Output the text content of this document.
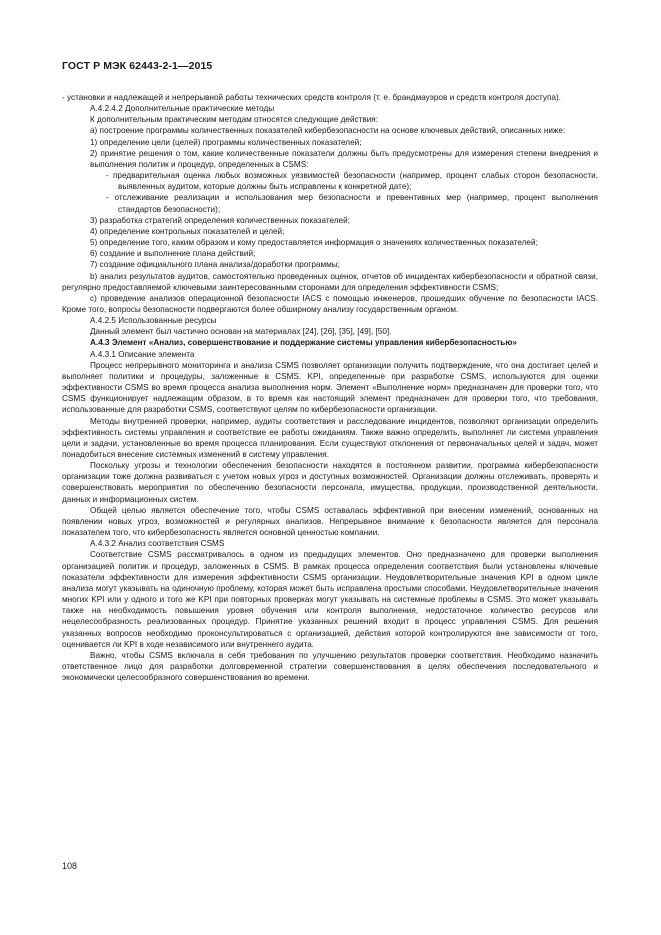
ГОСТ Р МЭК 62443-2-1—2015

- установки и надлежащей и непрерывной работы технических средств контроля (т. е. брандмауэров и средств контроля доступа).

А.4.2.4.2 Дополнительные практические методы

К дополнительным практическим методам относятся следующие действия:

а) построение программы количественных показателей кибербезопасности на основе ключевых действий, описанных ниже:

1) определение цели (целей) программы количественных показателей;

2) принятие решения о том, какие количественные показатели должны быть предусмотрены для измерения степени внедрения и выполнения политик и процедур, определенных в CSMS:

- предварительная оценка любых возможных уязвимостей безопасности (например, процент слабых сторон безопасности, выявленных аудитом, которые должны быть исправлены к конкретной дате);

- отслеживание реализации и использования мер безопасности и превентивных мер (например, процент выполнения стандартов безопасности);

3) разработка стратегий определения количественных показателей;

4) определение контрольных показателей и целей;

5) определение того, каким образом и кому предоставляется информация о значениях количественных показателей;

6) создание и выполнение плана действий;

7) создание официального плана анализа/доработки программы;

b) анализ результатов аудитов, самостоятельно проведенных оценок, отчетов об инцидентах кибербезопасности и обратной связи, регулярно предоставляемой ключевыми заинтересованными сторонами для определения эффективности CSMS;

с) проведение анализов операционной безопасности IACS с помощью инженеров, прошедших обучение по безопасности IACS. Кроме того, вопросы безопасности подвергаются более обширному анализу государственным органом.

А.4.2.5 Использованные ресурсы

Данный элемент был частично основан на материалах [24], [26], [35], [49], [50].

А.4.3 Элемент «Анализ, совершенствование и поддержание системы управления кибербезопасностью»

А.4.3.1 Описание элемента

Процесс непрерывного мониторинга и анализа CSMS позволяет организации получить подтверждение, что она достигает целей и выполняет политики и процедуры, заложенные в CSMS. KPI, определенные при разработке CSMS, используются для оценки эффективности CSMS во время процесса анализа выполнения норм. Элемент «Выполнение норм» предназначен для проверки того, что CSMS функционирует надлежащим образом, в то время как настоящий элемент предназначен для проверки того, что требования, использованные для разработки CSMS, соответствуют целям по кибербезопасности организации.

Методы внутренней проверки, например, аудиты соответствия и расследование инцидентов, позволяют организации определить эффективность системы управления и соответствие ее работы ожиданиям. Также важно определить, выполняет ли система управления цели и задачи, установленные во время процесса планирования. Если существуют отклонения от первоначальных целей и задач, может понадобиться внесение системных изменений в систему управления.

Поскольку угрозы и технологии обеспечения безопасности находятся в постоянном развитии, программа кибербезопасности организации тоже должна развиваться с учетом новых угроз и доступных возможностей. Организации должны отслеживать, проверять и совершенствовать мероприятия по обеспечению безопасности персонала, имущества, продукции, производственной деятельности, данных и информационных систем.

Общей целью является обеспечение того, чтобы CSMS оставалась эффективной при внесении изменений, основанных на появлении новых угроз, возможностей и регулярных анализов. Непрерывное внимание к безопасности является для персонала показателем того, что кибербезопасность является основной ценностью компании.

А.4.3.2 Анализ соответствия CSMS

Соответствие CSMS рассматривалось в одном из предыдущих элементов. Оно предназначено для проверки выполнения организацией политик и процедур, заложенных в CSMS. В рамках процесса определения соответствия были установлены ключевые показатели эффективности для измерения эффективности CSMS организации. Неудовлетворительные значения KPI в одном цикле анализа могут указывать на одиночную проблему, которая может быть исправлена простыми способами. Неудовлетворительные значения многих KPI или у одного и того же KPI при повторных проверках могут указывать на системные проблемы в CSMS. Это может указывать также на необходимость повышения уровня обучения или контроля выполнения, недостаточное количество ресурсов или нецелесообразность реализованных процедур. Принятие указанных решений входит в процесс управления CSMS. Для решения указанных вопросов необходимо проконсультироваться с организацией, действия которой контролируются вне зависимости от того, оценивается ли KPI в ходе независимого или внутреннего аудита.

Важно, чтобы CSMS включала в себя требования по улучшению результатов проверки соответствия. Необходимо назначить ответственное лицо для разработки долговременной стратегии совершенствования в целях обеспечения последовательного и экономически целесообразного совершенствования во времени.

108
